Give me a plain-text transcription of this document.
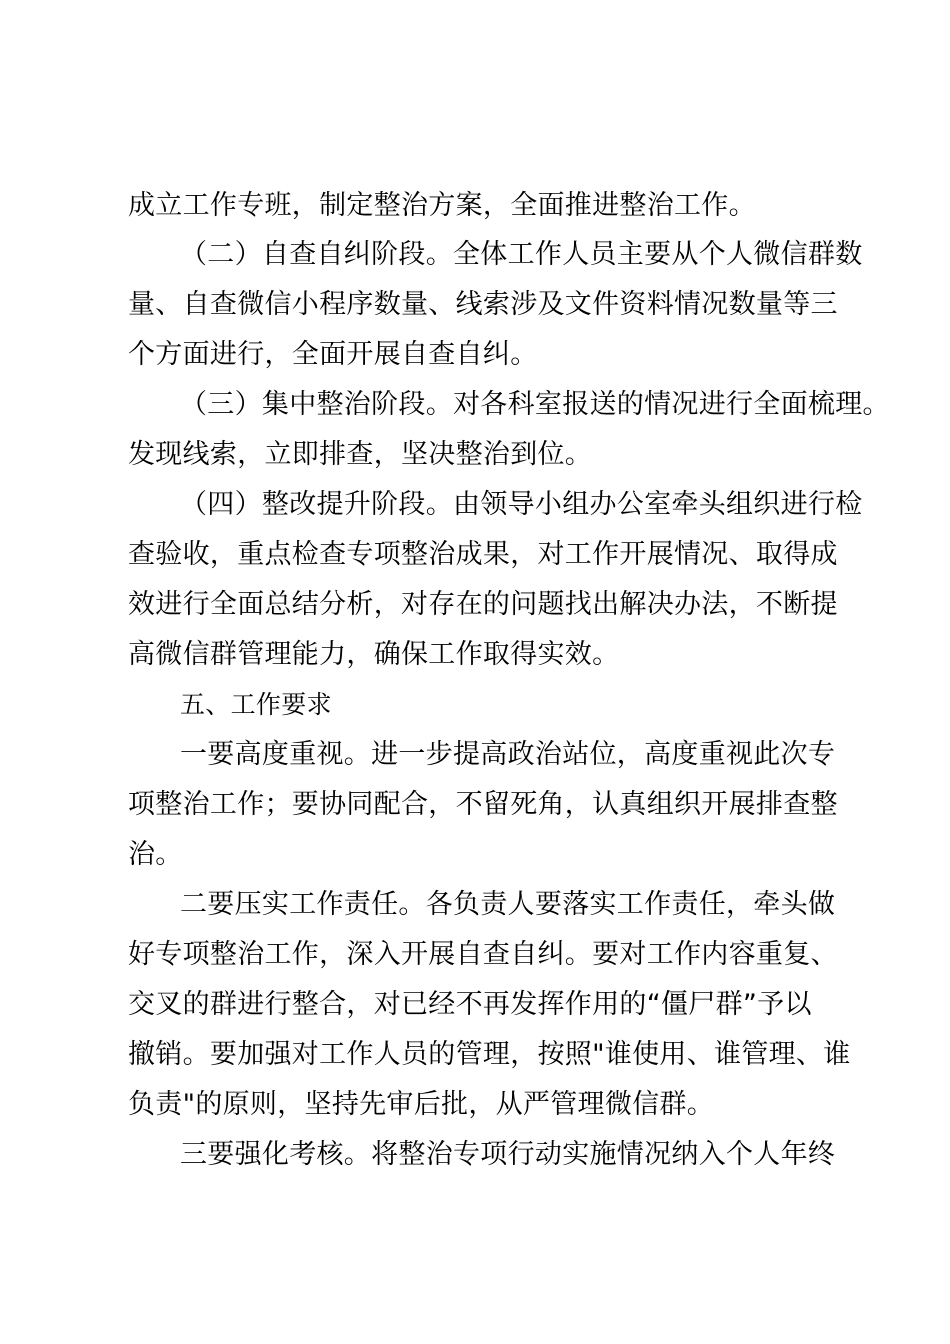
成立工作专班，制定整治方案，全面推进整治工作。
（二）自查自纠阶段。全体工作人员主要从个人微信群数
量、自查微信小程序数量、线索涉及文件资料情况数量等三
个方面进行，全面开展自查自纠。
（三）集中整治阶段。对各科室报送的情况进行全面梳理。
发现线索，立即排查，坚决整治到位。
（四）整改提升阶段。由领导小组办公室牵头组织进行检
查验收，重点检查专项整治成果，对工作开展情况、取得成
效进行全面总结分析，对存在的问题找出解决办法，不断提
高微信群管理能力，确保工作取得实效。
五、工作要求
一要高度重视。进一步提高政治站位，高度重视此次专
项整治工作；要协同配合，不留死角，认真组织开展排查整
治。
二要压实工作责任。各负责人要落实工作责任，牵头做
好专项整治工作，深入开展自查自纠。要对工作内容重复、
交叉的群进行整合，对已经不再发挥作用的“僵尸群”予以
撤销。要加强对工作人员的管理，按照"谁使用、谁管理、谁
负责"的原则，坚持先审后批，从严管理微信群。
三要强化考核。将整治专项行动实施情况纳入个人年终
